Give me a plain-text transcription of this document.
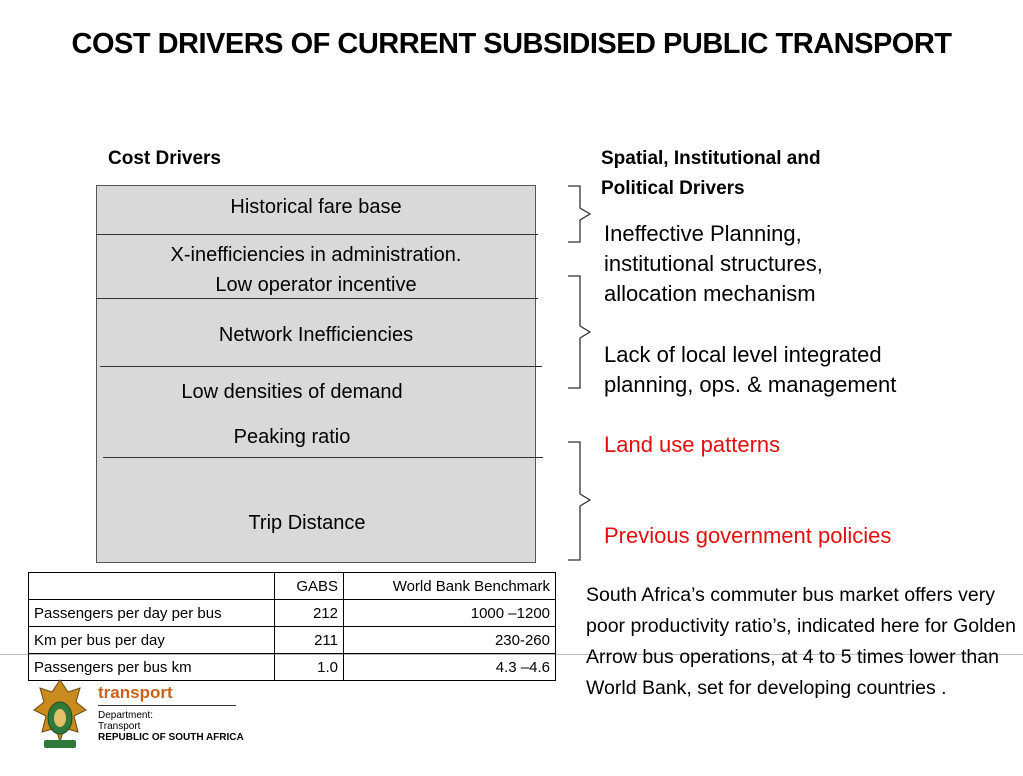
COST DRIVERS OF CURRENT SUBSIDISED PUBLIC TRANSPORT
Cost Drivers	Spatial, Institutional and
Political Drivers
Historical fare base
X-inefficiencies in administration.
Low operator incentive
Network Inefficiencies
Low densities of demand
Peaking ratio
Trip Distance
Ineffective Planning,
institutional structures,
allocation mechanism
Lack of local level integrated
planning, ops. & management
Land use patterns
Previous government policies
	GABS	World Bank Benchmark
Passengers per day per bus	212	1000 –1200
Km per bus per day	211	230-260
Passengers per bus km	1.0	4.3 –4.6
South Africa’s commuter bus market offers very poor productivity ratio’s, indicated here for Golden Arrow bus operations, at 4 to 5 times lower than World Bank, set for developing countries .
transport
Department:
Transport
REPUBLIC OF SOUTH AFRICA
